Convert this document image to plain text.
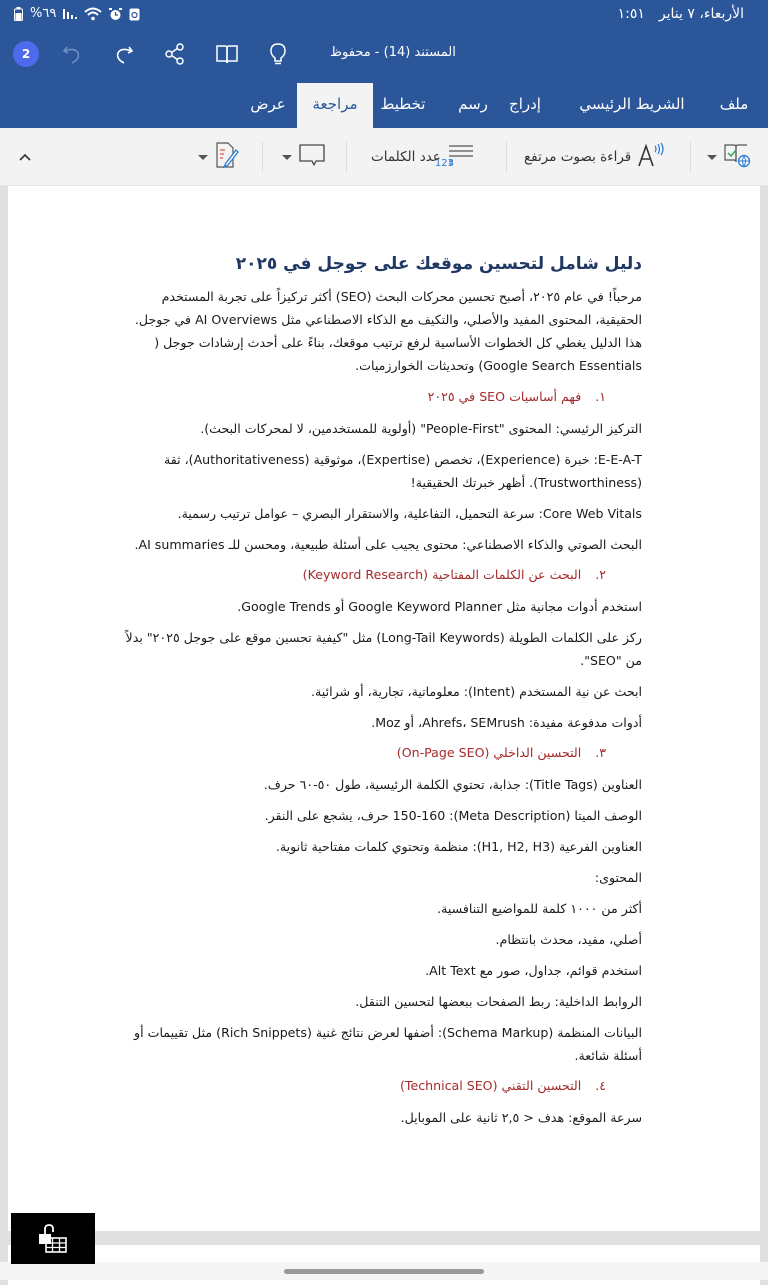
الأربعاء، ٧ يناير
١:٥١
%٦٩
2	المستند (14) - محفوظ
ملف
الشريط الرئيسي
إدراج
رسم
تخطيط
مراجعة
عرض
قراءة بصوت مرتفع
123
عدد الكلمات
دليل شامل لتحسين موقعك على جوجل في ٢٠٢٥
مرحباً! في عام ٢٠٢٥، أصبح تحسين محركات البحث (SEO) أكثر تركيزاً على تجربة المستخدم الحقيقية، المحتوى المفيد والأصلي، والتكيف مع الذكاء الاصطناعي مثل AI Overviews في جوجل. هذا الدليل يغطي كل الخطوات الأساسية لرفع ترتيب موقعك، بناءً على أحدث إرشادات جوجل ( Google Search Essentials) وتحديثات الخوارزميات.
١.فهم أساسيات SEO في ٢٠٢٥
التركيز الرئيسي: المحتوى "People-First" (أولوية للمستخدمين، لا لمحركات البحث).
E-E-A-T: خبرة (Experience)، تخصص (Expertise)، موثوقية (Authoritativeness)، ثقة (Trustworthiness). أظهر خبرتك الحقيقية!
Core Web Vitals: سرعة التحميل، التفاعلية، والاستقرار البصري – عوامل ترتيب رسمية.
البحث الصوتي والذكاء الاصطناعي: محتوى يجيب على أسئلة طبيعية، ومحسن للـ AI summaries.
٢.البحث عن الكلمات المفتاحية (Keyword Research)
استخدم أدوات مجانية مثل Google Keyword Planner أو Google Trends.
ركز على الكلمات الطويلة (Long-Tail Keywords) مثل "كيفية تحسين موقع على جوجل ٢٠٢٥" بدلاً من "SEO".
ابحث عن نية المستخدم (Intent): معلوماتية، تجارية، أو شرائية.
أدوات مدفوعة مفيدة: Ahrefs، SEMrush، أو Moz.
٣.التحسين الداخلي (On-Page SEO)
العناوين (Title Tags): جذابة، تحتوي الكلمة الرئيسية، طول ٥٠-٦٠ حرف.
الوصف الميتا (Meta Description): 150-160 حرف، يشجع على النقر.
العناوين الفرعية (H1, H2, H3): منظمة وتحتوي كلمات مفتاحية ثانوية.
المحتوى:
أكثر من ١٠٠٠ كلمة للمواضيع التنافسية.
أصلي، مفيد، محدث بانتظام.
استخدم قوائم، جداول، صور مع Alt Text.
الروابط الداخلية: ربط الصفحات ببعضها لتحسين التنقل.
البيانات المنظمة (Schema Markup): أضفها لعرض نتائج غنية (Rich Snippets) مثل تقييمات أو أسئلة شائعة.
٤.التحسين التقني (Technical SEO)
سرعة الموقع: هدف < ٢,٥ ثانية على الموبايل.
